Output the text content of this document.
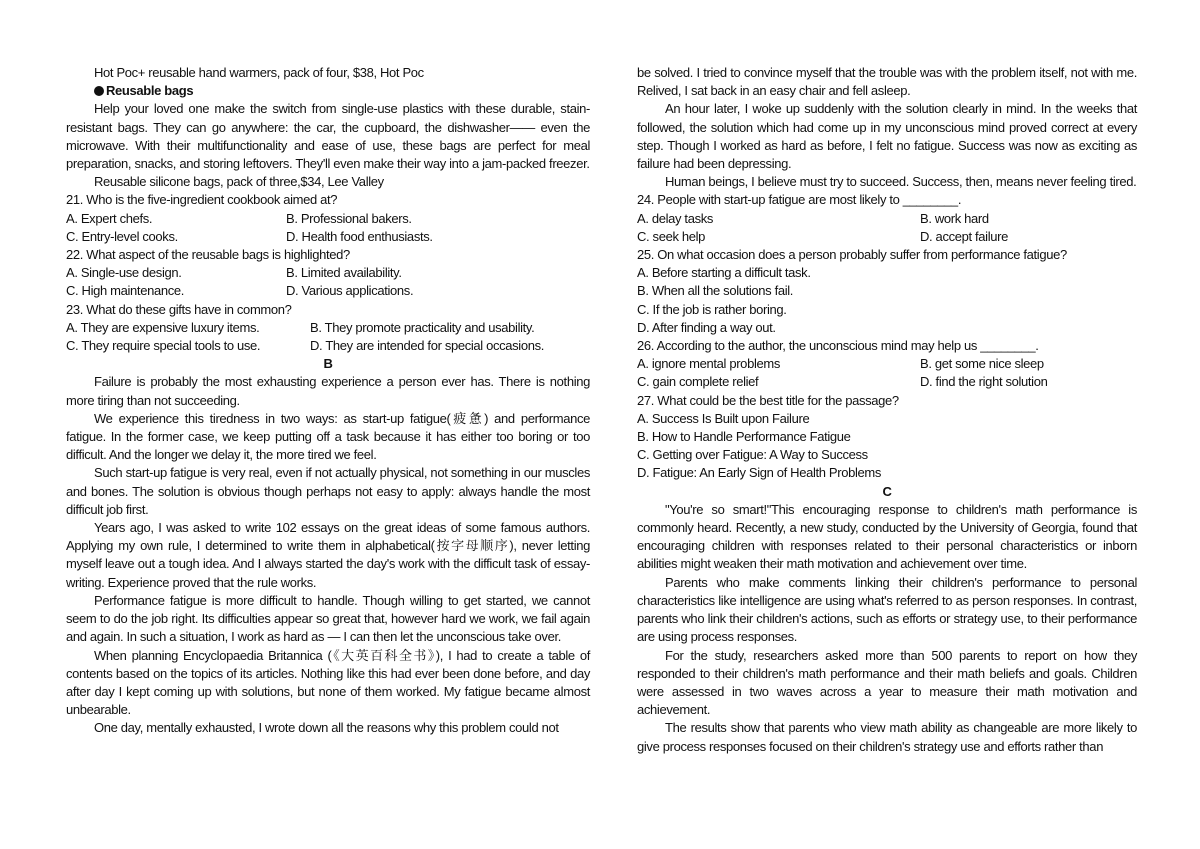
Hot Poc+ reusable hand warmers, pack of four, $38, Hot Poc

Reusable bags

Help your loved one make the switch from single-use plastics with these durable, stain-resistant bags. They can go anywhere: the car, the cupboard, the dishwasher—— even the microwave. With their multifunctionality and ease of use, these bags are perfect for meal preparation, snacks, and storing leftovers. They'll even make their way into a jam-packed freezer.

Reusable silicone bags, pack of three,$34, Lee Valley

21. Who is the five-ingredient cookbook aimed at?

A. Expert chefs.	B. Professional bakers.

C. Entry-level cooks.	D. Health food enthusiasts.

22. What aspect of the reusable bags is highlighted?

A. Single-use design.	B. Limited availability.

C. High maintenance.	D. Various applications.

23. What do these gifts have in common?

A. They are expensive luxury items.	B. They promote practicality and usability.

C. They require special tools to use.	D. They are intended for special occasions.

B

Failure is probably the most exhausting experience a person ever has. There is nothing more tiring than not succeeding.

We experience this tiredness in two ways: as start-up fatigue(疲惫) and performance fatigue. In the former case, we keep putting off a task because it has either too boring or too difficult. And the longer we delay it, the more tired we feel.

Such start-up fatigue is very real, even if not actually physical, not something in our muscles and bones. The solution is obvious though perhaps not easy to apply: always handle the most difficult job first.

Years ago, I was asked to write 102 essays on the great ideas of some famous authors. Applying my own rule, I determined to write them in alphabetical(按字母顺序), never letting myself leave out a tough idea. And I always started the day's work with the difficult task of essay-writing. Experience proved that the rule works.

Performance fatigue is more difficult to handle. Though willing to get started, we cannot seem to do the job right. Its difficulties appear so great that, however hard we work, we fail again and again. In such a situation, I work as hard as — I can then let the unconscious take over.

When planning Encyclopaedia Britannica (《大英百科全书》), I had to create a table of contents based on the topics of its articles. Nothing like this had ever been done before, and day after day I kept coming up with solutions, but none of them worked. My fatigue became almost unbearable.

One day, mentally exhausted, I wrote down all the reasons why this problem could not

be solved. I tried to convince myself that the trouble was with the problem itself, not with me. Relived, I sat back in an easy chair and fell asleep.

An hour later, I woke up suddenly with the solution clearly in mind. In the weeks that followed, the solution which had come up in my unconscious mind proved correct at every step. Though I worked as hard as before, I felt no fatigue. Success was now as exciting as failure had been depressing.

Human beings, I believe must try to succeed. Success, then, means never feeling tired.

24. People with start-up fatigue are most likely to ________.

A. delay tasks	B. work hard

C. seek help	D. accept failure

25. On what occasion does a person probably suffer from performance fatigue?

A. Before starting a difficult task.

B. When all the solutions fail.

C. If the job is rather boring.

D. After finding a way out.

26. According to the author, the unconscious mind may help us ________.

A. ignore mental problems	B. get some nice sleep

C. gain complete relief	D. find the right solution

27. What could be the best title for the passage?

A. Success Is Built upon Failure

B. How to Handle Performance Fatigue

C. Getting over Fatigue: A Way to Success

D. Fatigue: An Early Sign of Health Problems

C

"You're so smart!"This encouraging response to children's math performance is commonly heard. Recently, a new study, conducted by the University of Georgia, found that encouraging children with responses related to their personal characteristics or inborn abilities might weaken their math motivation and achievement over time.

Parents who make comments linking their children's performance to personal characteristics like intelligence are using what's referred to as person responses. In contrast, parents who link their children's actions, such as efforts or strategy use, to their performance are using process responses.

For the study, researchers asked more than 500 parents to report on how they responded to their children's math performance and their math beliefs and goals. Children were assessed in two waves across a year to measure their math motivation and achievement.

The results show that parents who view math ability as changeable are more likely to give process responses focused on their children's strategy use and efforts rather than
